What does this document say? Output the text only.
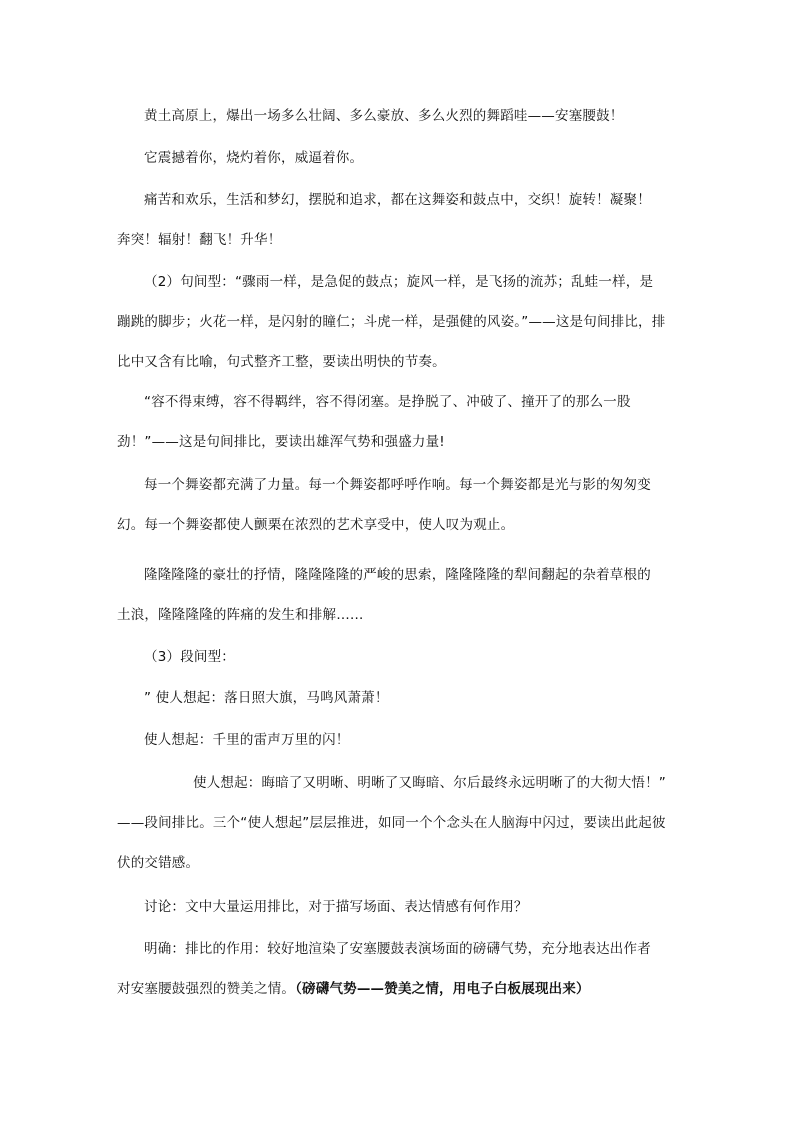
黄土高原上，爆出一场多么壮阔、多么豪放、多么火烈的舞蹈哇——安塞腰鼓！

它震撼着你，烧灼着你，威逼着你。

痛苦和欢乐，生活和梦幻，摆脱和追求，都在这舞姿和鼓点中，交织！旋转！凝聚！
奔突！辐射！翻飞！升华！

（2）句间型：“骤雨一样，是急促的鼓点；旋风一样，是飞扬的流苏；乱蛙一样，是
蹦跳的脚步；火花一样，是闪射的瞳仁；斗虎一样，是强健的风姿。”——这是句间排比，排
比中又含有比喻，句式整齐工整，要读出明快的节奏。

“容不得束缚，容不得羁绊，容不得闭塞。是挣脱了、冲破了、撞开了的那么一股
劲！”——这是句间排比，要读出雄浑气势和强盛力量!

每一个舞姿都充满了力量。每一个舞姿都呼呼作响。每一个舞姿都是光与影的匆匆变
幻。每一个舞姿都使人颤栗在浓烈的艺术享受中，使人叹为观止。

隆隆隆隆的豪壮的抒情，隆隆隆隆的严峻的思索，隆隆隆隆的犁间翻起的杂着草根的
土浪，隆隆隆隆的阵痛的发生和排解……

（3）段间型：

” 使人想起：落日照大旗，马鸣风萧萧！

使人想起：千里的雷声万里的闪！

使人想起：晦暗了又明晰、明晰了又晦暗、尔后最终永远明晰了的大彻大悟！”
——段间排比。三个“使人想起”层层推进，如同一个个念头在人脑海中闪过，要读出此起彼
伏的交错感。

讨论：文中大量运用排比，对于描写场面、表达情感有何作用？

明确：排比的作用：较好地渲染了安塞腰鼓表演场面的磅礴气势，充分地表达出作者
对安塞腰鼓强烈的赞美之情。（磅礴气势——赞美之情，用电子白板展现出来）
